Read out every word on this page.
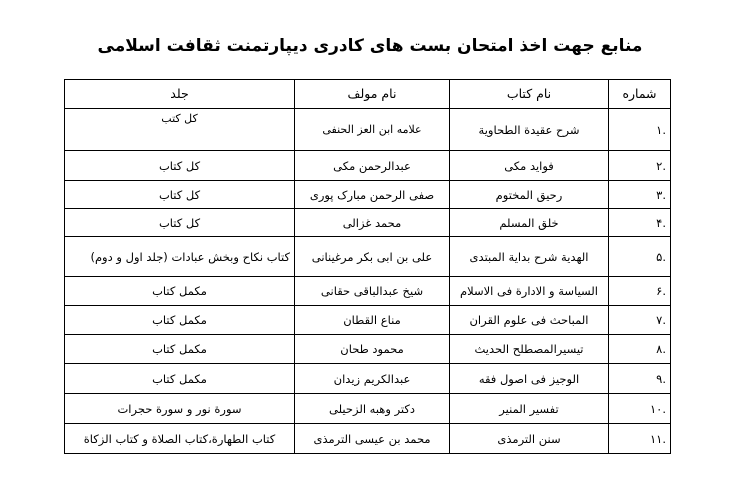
منابع جهت اخذ امتحان بست های کادری دیپارتمنت ثقافت اسلامی
شماره	نام کتاب	نام مولف	جلد
.۱	شرح عقیدة الطحاویة	علامه ابن العز الحنفی	کل کتب
.۲	فواید مکی	عبدالرحمن مکی	کل کتاب
.۳	رحیق المختوم	صفی الرحمن مبارک پوری	کل کتاب
.۴	خلق المسلم	محمد غزالی	کل کتاب
.۵	الهدیة شرح بدایة المبتدی	علی بن ابی بکر مرغینانی	کتاب نکاح وبخش عبادات (جلد اول و دوم)
.۶	السیاسة و الادارة فی الاسلام	شیخ عبدالباقی حقانی	مکمل کتاب
.۷	المباحث فی علوم القران	مناع القطان	مکمل کتاب
.۸	تیسیرالمصطلح الحدیث	محمود طحان	مکمل کتاب
.۹	الوجیز فی اصول فقه	عبدالکریم زیدان	مکمل کتاب
.۱۰	تفسیر المنیر	دکتر وهبه الزحیلی	سورة نور و سورة حجرات
.۱۱	سنن الترمذی	محمد بن عیسی الترمذی	کتاب الطهارة،کتاب الصلاة و کتاب الزکاة
